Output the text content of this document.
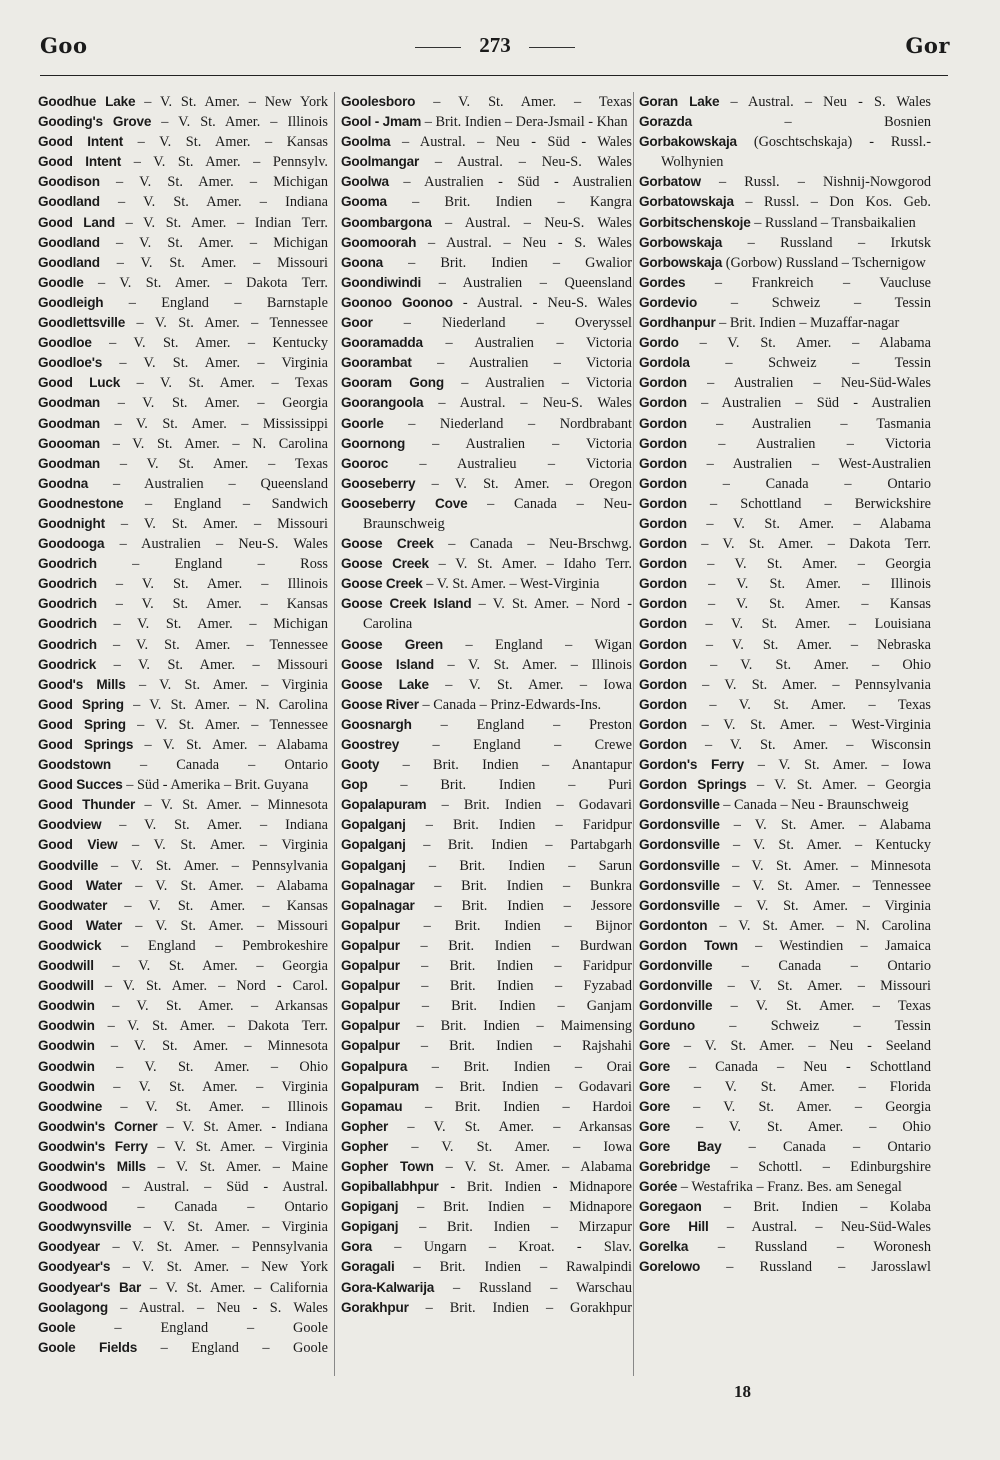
Goo	273	Gor
Goodhue Lake – V. St. Amer. – New York
Gooding's Grove – V. St. Amer. – Illinois
Good Intent – V. St. Amer. – Kansas
Good Intent – V. St. Amer. – Pennsylv.
Goodison – V. St. Amer. – Michigan
Goodland – V. St. Amer. – Indiana
Good Land – V. St. Amer. – Indian Terr.
Goodland – V. St. Amer. – Michigan
Goodland – V. St. Amer. – Missouri
Goodle – V. St. Amer. – Dakota Terr.
Goodleigh – England – Barnstaple
Goodlettsville – V. St. Amer. – Tennessee
Goodloe – V. St. Amer. – Kentucky
Goodloe's – V. St. Amer. – Virginia
Good Luck – V. St. Amer. – Texas
Goodman – V. St. Amer. – Georgia
Goodman – V. St. Amer. – Mississippi
Goooman – V. St. Amer. – N. Carolina
Goodman – V. St. Amer. – Texas
Goodna – Australien – Queensland
Goodnestone – England – Sandwich
Goodnight – V. St. Amer. – Missouri
Goodooga – Australien – Neu-S. Wales
Goodrich – England – Ross
Goodrich – V. St. Amer. – Illinois
Goodrich – V. St. Amer. – Kansas
Goodrich – V. St. Amer. – Michigan
Goodrich – V. St. Amer. – Tennessee
Goodrick – V. St. Amer. – Missouri
Good's Mills – V. St. Amer. – Virginia
Good Spring – V. St. Amer. – N. Carolina
Good Spring – V. St. Amer. – Tennessee
Good Springs – V. St. Amer. – Alabama
Goodstown – Canada – Ontario
Good Succes – Süd - Amerika – Brit. Guyana
Good Thunder – V. St. Amer. – Minnesota
Goodview – V. St. Amer. – Indiana
Good View – V. St. Amer. – Virginia
Goodville – V. St. Amer. – Pennsylvania
Good Water – V. St. Amer. – Alabama
Goodwater – V. St. Amer. – Kansas
Good Water – V. St. Amer. – Missouri
Goodwick – England – Pembrokeshire
Goodwill – V. St. Amer. – Georgia
Goodwill – V. St. Amer. – Nord - Carol.
Goodwin – V. St. Amer. – Arkansas
Goodwin – V. St. Amer. – Dakota Terr.
Goodwin – V. St. Amer. – Minnesota
Goodwin – V. St. Amer. – Ohio
Goodwin – V. St. Amer. – Virginia
Goodwine – V. St. Amer. – Illinois
Goodwin's Corner – V. St. Amer. - Indiana
Goodwin's Ferry – V. St. Amer. – Virginia
Goodwin's Mills – V. St. Amer. – Maine
Goodwood – Austral. – Süd - Austral.
Goodwood – Canada – Ontario
Goodwynsville – V. St. Amer. – Virginia
Goodyear – V. St. Amer. – Pennsylvania
Goodyear's – V. St. Amer. – New York
Goodyear's Bar – V. St. Amer. – California
Goolagong – Austral. – Neu - S. Wales
Goole – England – Goole
Goole Fields – England – Goole
Goolesboro – V. St. Amer. – Texas
Gool - Jmam – Brit. Indien – Dera-Jsmail - Khan
Goolma – Austral. – Neu - Süd - Wales
Goolmangar – Austral. – Neu-S. Wales
Goolwa – Australien - Süd - Australien
Gooma – Brit. Indien – Kangra
Goombargona – Austral. – Neu-S. Wales
Goomoorah – Austral. – Neu - S. Wales
Goona – Brit. Indien – Gwalior
Goondiwindi – Australien – Queensland
Goonoo Goonoo - Austral. - Neu-S. Wales
Goor – Niederland – Overyssel
Gooramadda – Australien – Victoria
Goorambat – Australien – Victoria
Gooram Gong – Australien – Victoria
Goorangoola – Austral. – Neu-S. Wales
Goorle – Niederland – Nordbrabant
Goornong – Australien – Victoria
Gooroc – Australieu – Victoria
Gooseberry – V. St. Amer. – Oregon
Gooseberry Cove – Canada – Neu-Braunschweig
Goose Creek – Canada – Neu-Brschwg.
Goose Creek – V. St. Amer. – Idaho Terr.
Goose Creek – V. St. Amer. – West-Virginia
Goose Creek Island – V. St. Amer. – Nord - Carolina
Goose Green – England – Wigan
Goose Island – V. St. Amer. – Illinois
Goose Lake – V. St. Amer. – Iowa
Goose River – Canada – Prinz-Edwards-Ins.
Goosnargh – England – Preston
Goostrey – England – Crewe
Gooty – Brit. Indien – Anantapur
Gop – Brit. Indien – Puri
Gopalapuram – Brit. Indien – Godavari
Gopalganj – Brit. Indien – Faridpur
Gopalganj – Brit. Indien – Partabgarh
Gopalganj – Brit. Indien – Sarun
Gopalnagar – Brit. Indien – Bunkra
Gopalnagar – Brit. Indien – Jessore
Gopalpur – Brit. Indien – Bijnor
Gopalpur – Brit. Indien – Burdwan
Gopalpur – Brit. Indien – Faridpur
Gopalpur – Brit. Indien – Fyzabad
Gopalpur – Brit. Indien – Ganjam
Gopalpur – Brit. Indien – Maimensing
Gopalpur – Brit. Indien – Rajshahi
Gopalpura – Brit. Indien – Orai
Gopalpuram – Brit. Indien – Godavari
Gopamau – Brit. Indien – Hardoi
Gopher – V. St. Amer. – Arkansas
Gopher – V. St. Amer. – Iowa
Gopher Town – V. St. Amer. – Alabama
Gopiballabhpur - Brit. Indien - Midnapore
Gopiganj – Brit. Indien – Midnapore
Gopiganj – Brit. Indien – Mirzapur
Gora – Ungarn – Kroat. - Slav.
Goragali – Brit. Indien – Rawalpindi
Gora-Kalwarija – Russland – Warschau
Gorakhpur – Brit. Indien – Gorakhpur
Goran Lake – Austral. – Neu - S. Wales
Gorazda – Bosnien
Gorbakowskaja (Goschtschskaja) - Russl.-Wolhynien
Gorbatow – Russl. – Nishnij-Nowgorod
Gorbatowskaja – Russl. – Don Kos. Geb.
Gorbitschenskoje – Russland – Transbaikalien
Gorbowskaja – Russland – Irkutsk
Gorbowskaja (Gorbow) Russland – Tschernigow
Gordes – Frankreich – Vaucluse
Gordevio – Schweiz – Tessin
Gordhanpur – Brit. Indien – Muzaffar-nagar
Gordo – V. St. Amer. – Alabama
Gordola – Schweiz – Tessin
Gordon – Australien – Neu-Süd-Wales
Gordon – Australien – Süd - Australien
Gordon – Australien – Tasmania
Gordon – Australien – Victoria
Gordon – Australien – West-Australien
Gordon – Canada – Ontario
Gordon – Schottland – Berwickshire
Gordon – V. St. Amer. – Alabama
Gordon – V. St. Amer. – Dakota Terr.
Gordon – V. St. Amer. – Georgia
Gordon – V. St. Amer. – Illinois
Gordon – V. St. Amer. – Kansas
Gordon – V. St. Amer. – Louisiana
Gordon – V. St. Amer. – Nebraska
Gordon – V. St. Amer. – Ohio
Gordon – V. St. Amer. – Pennsylvania
Gordon – V. St. Amer. – Texas
Gordon – V. St. Amer. – West-Virginia
Gordon – V. St. Amer. – Wisconsin
Gordon's Ferry – V. St. Amer. – Iowa
Gordon Springs – V. St. Amer. – Georgia
Gordonsville – Canada – Neu - Braunschweig
Gordonsville – V. St. Amer. – Alabama
Gordonsville – V. St. Amer. – Kentucky
Gordonsville – V. St. Amer. – Minnesota
Gordonsville – V. St. Amer. – Tennessee
Gordonsville – V. St. Amer. – Virginia
Gordonton – V. St. Amer. – N. Carolina
Gordon Town – Westindien – Jamaica
Gordonville – Canada – Ontario
Gordonville – V. St. Amer. – Missouri
Gordonville – V. St. Amer. – Texas
Gorduno – Schweiz – Tessin
Gore – V. St. Amer. – Neu - Seeland
Gore – Canada – Neu - Schottland
Gore – V. St. Amer. – Florida
Gore – V. St. Amer. – Georgia
Gore – V. St. Amer. – Ohio
Gore Bay – Canada – Ontario
Gorebridge – Schottl. – Edinburgshire
Gorée – Westafrika – Franz. Bes. am Senegal
Goregaon – Brit. Indien – Kolaba
Gore Hill – Austral. – Neu-Süd-Wales
Gorelka – Russland – Woronesh
Gorelowo – Russland – Jarosslawl
18
